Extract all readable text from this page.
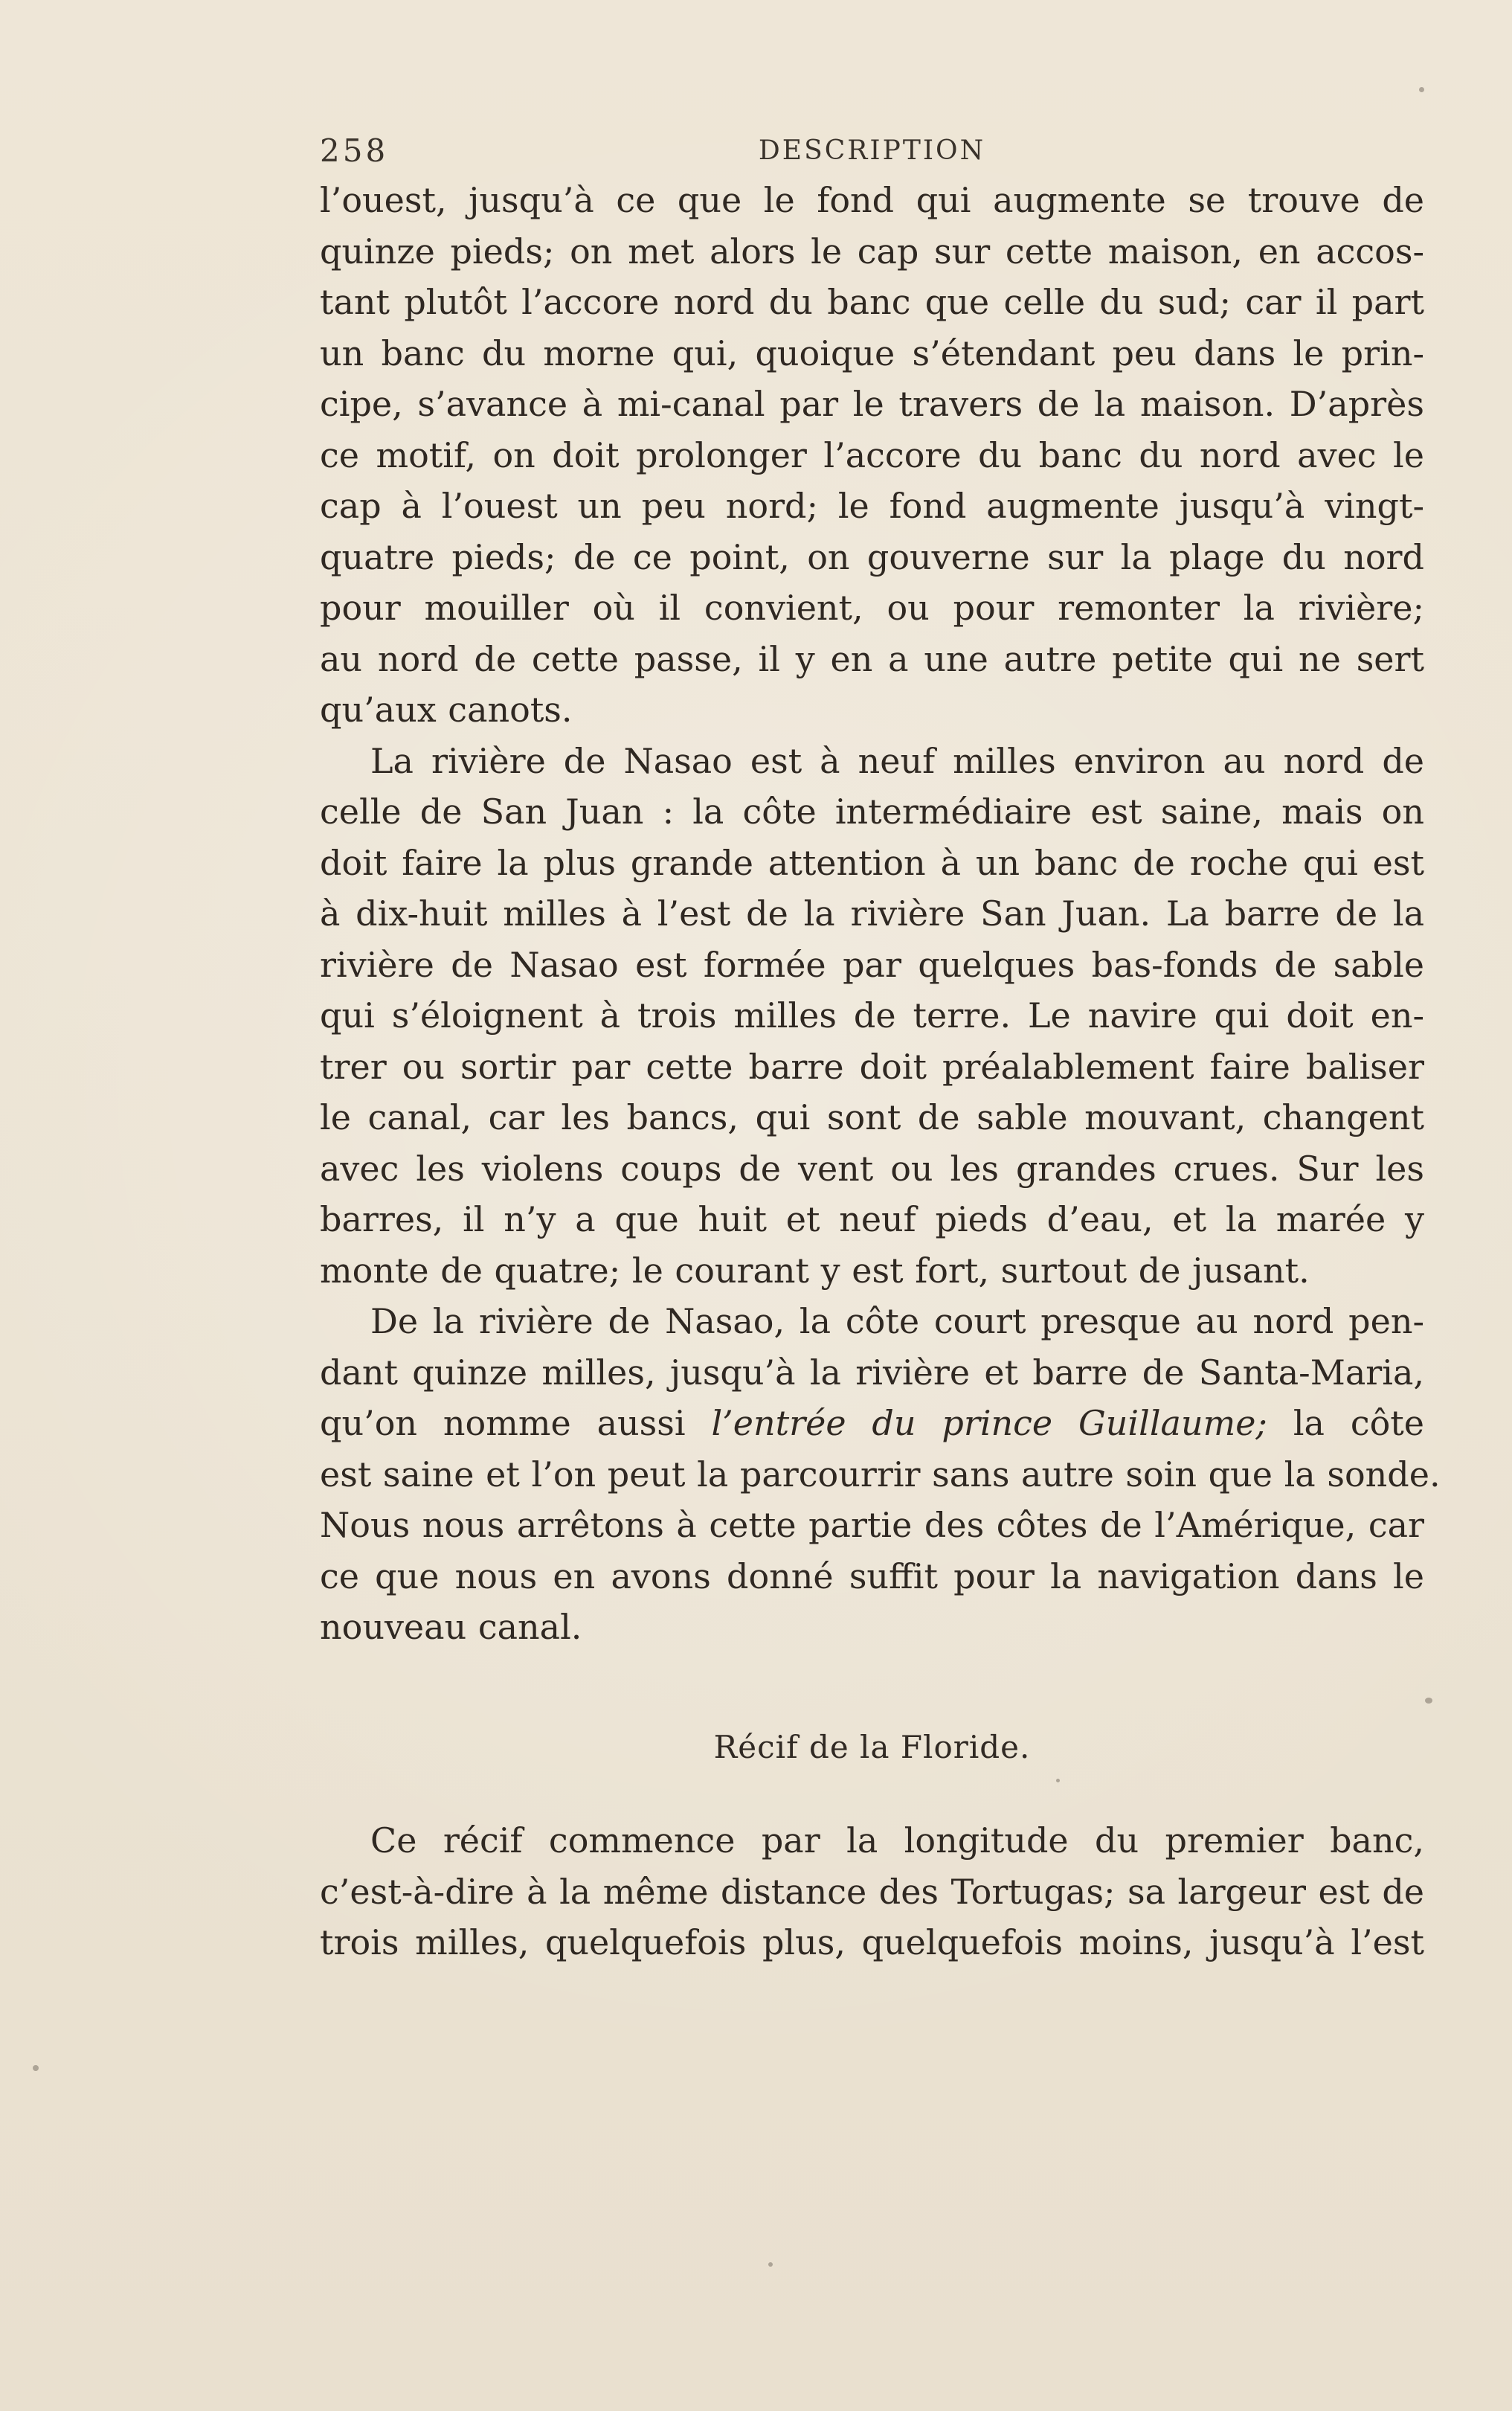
258	DESCRIPTION
l’ouest, jusqu’à ce que le fond qui augmente se trouve de
quinze pieds; on met alors le cap sur cette maison, en accos-
tant plutôt l’accore nord du banc que celle du sud; car il part
un banc du morne qui, quoique s’étendant peu dans le prin-
cipe, s’avance à mi-canal par le travers de la maison. D’après
ce motif, on doit prolonger l’accore du banc du nord avec le
cap à l’ouest un peu nord; le fond augmente jusqu’à vingt-
quatre pieds; de ce point, on gouverne sur la plage du nord
pour mouiller où il convient, ou pour remonter la rivière;
au nord de cette passe, il y en a une autre petite qui ne sert
qu’aux canots.
La rivière de Nasao est à neuf milles environ au nord de
celle de San Juan : la côte intermédiaire est saine, mais on
doit faire la plus grande attention à un banc de roche qui est
à dix-huit milles à l’est de la rivière San Juan. La barre de la
rivière de Nasao est formée par quelques bas-fonds de sable
qui s’éloignent à trois milles de terre. Le navire qui doit en-
trer ou sortir par cette barre doit préalablement faire baliser
le canal, car les bancs, qui sont de sable mouvant, changent
avec les violens coups de vent ou les grandes crues. Sur les
barres, il n’y a que huit et neuf pieds d’eau, et la marée y
monte de quatre; le courant y est fort, surtout de jusant.
De la rivière de Nasao, la côte court presque au nord pen-
dant quinze milles, jusqu’à la rivière et barre de Santa-Maria,
qu’on nomme aussi l’entrée du prince Guillaume; la côte
est saine et l’on peut la parcourrir sans autre soin que la sonde.
Nous nous arrêtons à cette partie des côtes de l’Amérique, car
ce que nous en avons donné suffit pour la navigation dans le
nouveau canal.
Récif de la Floride.
Ce récif commence par la longitude du premier banc,
c’est-à-dire à la même distance des Tortugas; sa largeur est de
trois milles, quelquefois plus, quelquefois moins, jusqu’à l’est
